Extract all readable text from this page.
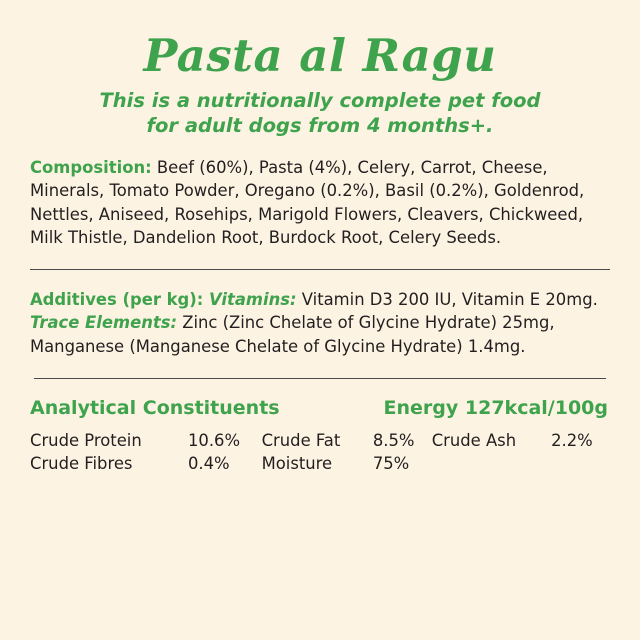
Pasta al Ragu
This is a nutritionally complete pet food
for adult dogs from 4 months+.
Composition: Beef (60%), Pasta (4%), Celery, Carrot, Cheese, Minerals, Tomato Powder, Oregano (0.2%), Basil (0.2%), Goldenrod, Nettles, Aniseed, Rosehips, Marigold Flowers, Cleavers, Chickweed, Milk Thistle, Dandelion Root, Burdock Root, Celery Seeds.
Additives (per kg): Vitamins: Vitamin D3 200 IU, Vitamin E 20mg. Trace Elements: Zinc (Zinc Chelate of Glycine Hydrate) 25mg, Manganese (Manganese Chelate of Glycine Hydrate) 1.4mg.
Analytical Constituents	Energy 127kcal/100g
Crude Protein	10.6%	Crude Fat	8.5%	Crude Ash	2.2%
Crude Fibres	0.4%	Moisture	75%		
